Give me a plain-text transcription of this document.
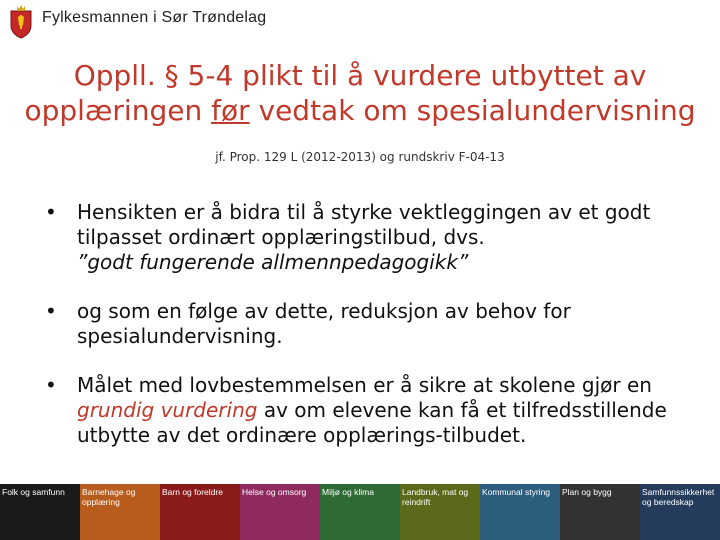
Fylkesmannen i Sør Trøndelag
Oppll. § 5-4 plikt til å vurdere utbyttet av opplæringen før vedtak om spesialundervisning
jf. Prop. 129 L (2012-2013) og rundskriv F-04-13
• Hensikten er å bidra til å styrke vektleggingen av et godt tilpasset ordinært opplæringstilbud, dvs.
”godt fungerende allmennpedagogikk”
• og som en følge av dette, reduksjon av behov for spesialundervisning.
• Målet med lovbestemmelsen er å sikre at skolene gjør en grundig vurdering av om elevene kan få et tilfredsstillende utbytte av det ordinære opplærings-tilbudet.
Folk og samfunn	Barnehage og opplæring
Barn og foreldre	Helse og omsorg	Miljø og klima	Landbruk, mat og reindrift
Kommunal styring	Plan og bygg	Samfunnssikkerhet og beredskap
